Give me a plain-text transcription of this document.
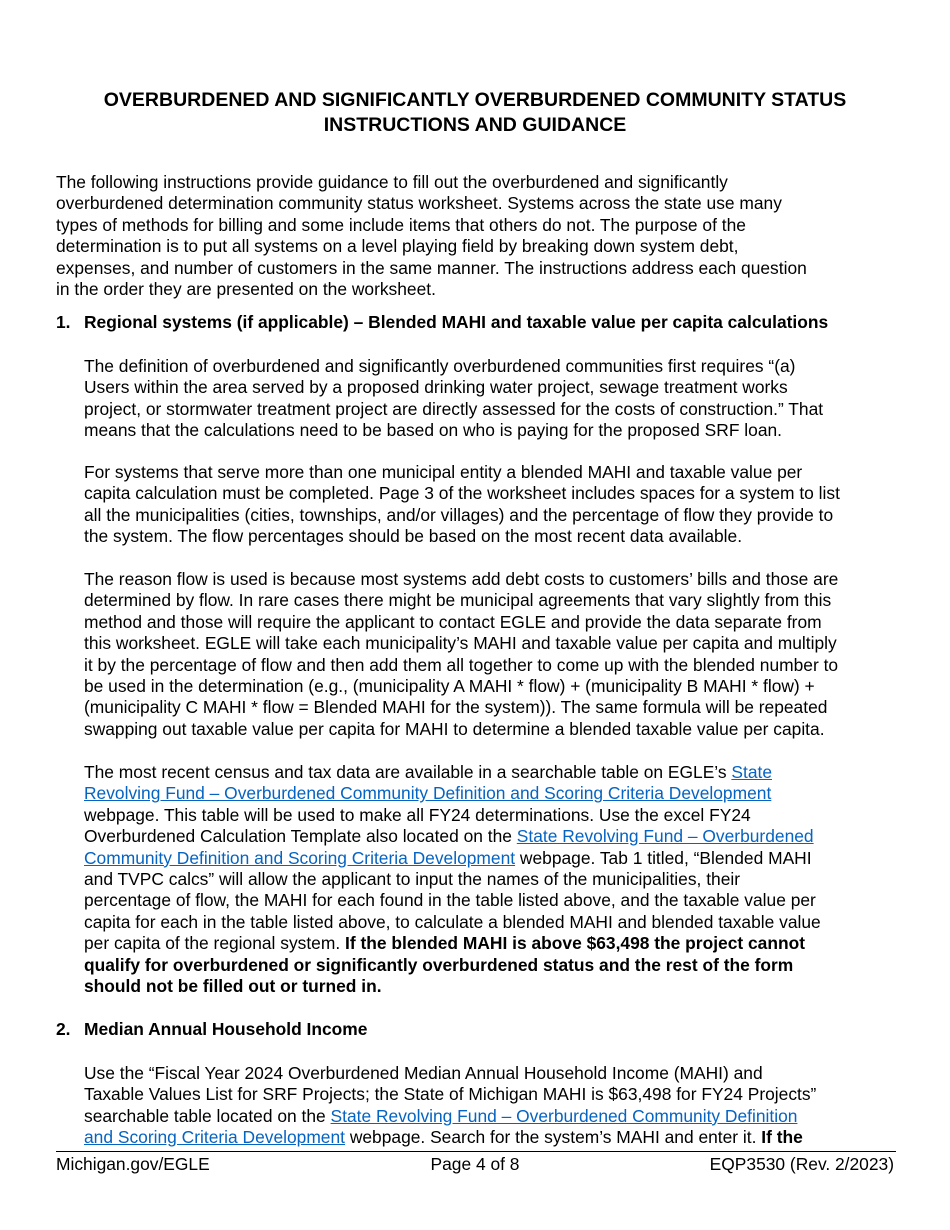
OVERBURDENED AND SIGNIFICANTLY OVERBURDENED COMMUNITY STATUS
INSTRUCTIONS AND GUIDANCE
The following instructions provide guidance to fill out the overburdened and significantly
overburdened determination community status worksheet. Systems across the state use many
types of methods for billing and some include items that others do not. The purpose of the
determination is to put all systems on a level playing field by breaking down system debt,
expenses, and number of customers in the same manner. The instructions address each question
in the order they are presented on the worksheet.
1. Regional systems (if applicable) – Blended MAHI and taxable value per capita calculations
The definition of overburdened and significantly overburdened communities first requires “(a)
Users within the area served by a proposed drinking water project, sewage treatment works
project, or stormwater treatment project are directly assessed for the costs of construction.” That
means that the calculations need to be based on who is paying for the proposed SRF loan.
For systems that serve more than one municipal entity a blended MAHI and taxable value per
capita calculation must be completed. Page 3 of the worksheet includes spaces for a system to list
all the municipalities (cities, townships, and/or villages) and the percentage of flow they provide to
the system. The flow percentages should be based on the most recent data available.
The reason flow is used is because most systems add debt costs to customers’ bills and those are
determined by flow. In rare cases there might be municipal agreements that vary slightly from this
method and those will require the applicant to contact EGLE and provide the data separate from
this worksheet. EGLE will take each municipality’s MAHI and taxable value per capita and multiply
it by the percentage of flow and then add them all together to come up with the blended number to
be used in the determination (e.g., (municipality A MAHI * flow) + (municipality B MAHI * flow) +
(municipality C MAHI * flow = Blended MAHI for the system)). The same formula will be repeated
swapping out taxable value per capita for MAHI to determine a blended taxable value per capita.
The most recent census and tax data are available in a searchable table on EGLE’s State
Revolving Fund – Overburdened Community Definition and Scoring Criteria Development
webpage. This table will be used to make all FY24 determinations. Use the excel FY24
Overburdened Calculation Template also located on the State Revolving Fund – Overburdened
Community Definition and Scoring Criteria Development webpage. Tab 1 titled, “Blended MAHI
and TVPC calcs” will allow the applicant to input the names of the municipalities, their
percentage of flow, the MAHI for each found in the table listed above, and the taxable value per
capita for each in the table listed above, to calculate a blended MAHI and blended taxable value
per capita of the regional system. If the blended MAHI is above $63,498 the project cannot
qualify for overburdened or significantly overburdened status and the rest of the form
should not be filled out or turned in.
2. Median Annual Household Income
Use the “Fiscal Year 2024 Overburdened Median Annual Household Income (MAHI) and
Taxable Values List for SRF Projects; the State of Michigan MAHI is $63,498 for FY24 Projects”
searchable table located on the State Revolving Fund – Overburdened Community Definition
and Scoring Criteria Development webpage. Search for the system’s MAHI and enter it. If the
Michigan.gov/EGLE	Page 4 of 8	EQP3530 (Rev. 2/2023)
